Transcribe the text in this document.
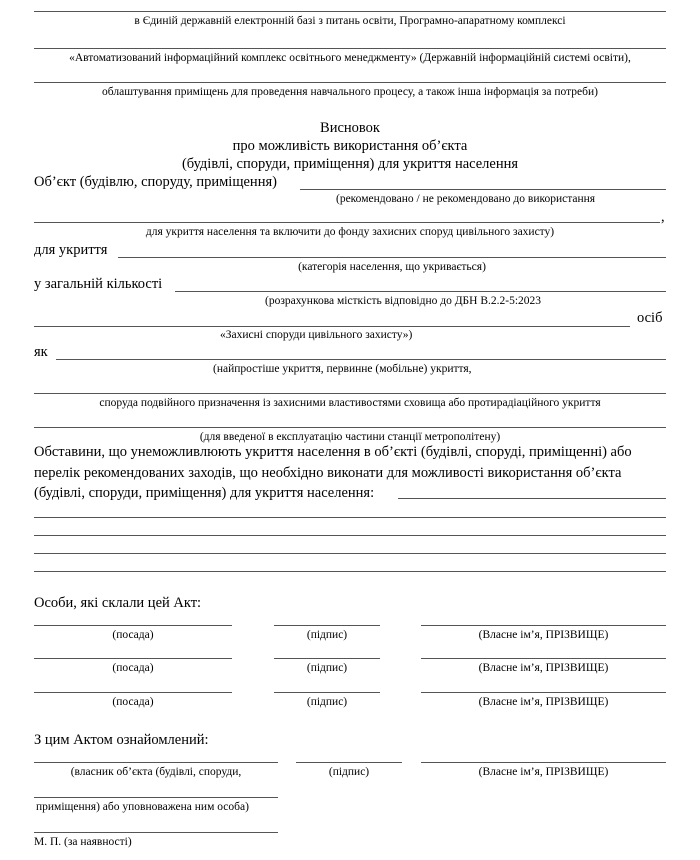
в Єдиній державній електронній базі з питань освіти, Програмно-апаратному комплексі
«Автоматизований інформаційний комплекс освітнього менеджменту» (Державній інформаційній системі освіти),
облаштування приміщень для проведення навчального процесу, а також інша інформація за потреби)
Висновок
про можливість використання об’єкта
(будівлі, споруди, приміщення) для укриття населення
Об’єкт (будівлю, споруду, приміщення)
(рекомендовано / не рекомендовано до використання
,
для укриття населення та включити до фонду захисних споруд цивільного захисту)
для укриття
(категорія населення, що укривається)
у загальній кількості
(розрахункова місткість відповідно до ДБН В.2.2-5:2023
осіб
«Захисні споруди цивільного захисту»)
як
(найпростіше укриття, первинне (мобільне) укриття,
споруда подвійного призначення із захисними властивостями сховища або протирадіаційного укриття
(для введеної в експлуатацію частини станції метрополітену)
Обставини, що унеможливлюють укриття населення в об’єкті (будівлі, споруді, приміщенні) або
перелік рекомендованих заходів, що необхідно виконати для можливості використання об’єкта
(будівлі, споруди, приміщення) для укриття населення:
Особи, які склали цей Акт:
(посада)	(підпис)	(Власне ім’я, ПРІЗВИЩЕ)
(посада)	(підпис)	(Власне ім’я, ПРІЗВИЩЕ)
(посада)	(підпис)	(Власне ім’я, ПРІЗВИЩЕ)
З цим Актом ознайомлений:
(власник об’єкта (будівлі, споруди,	(підпис)	(Власне ім’я, ПРІЗВИЩЕ)
приміщення) або уповноважена ним особа)
М. П. (за наявності)
